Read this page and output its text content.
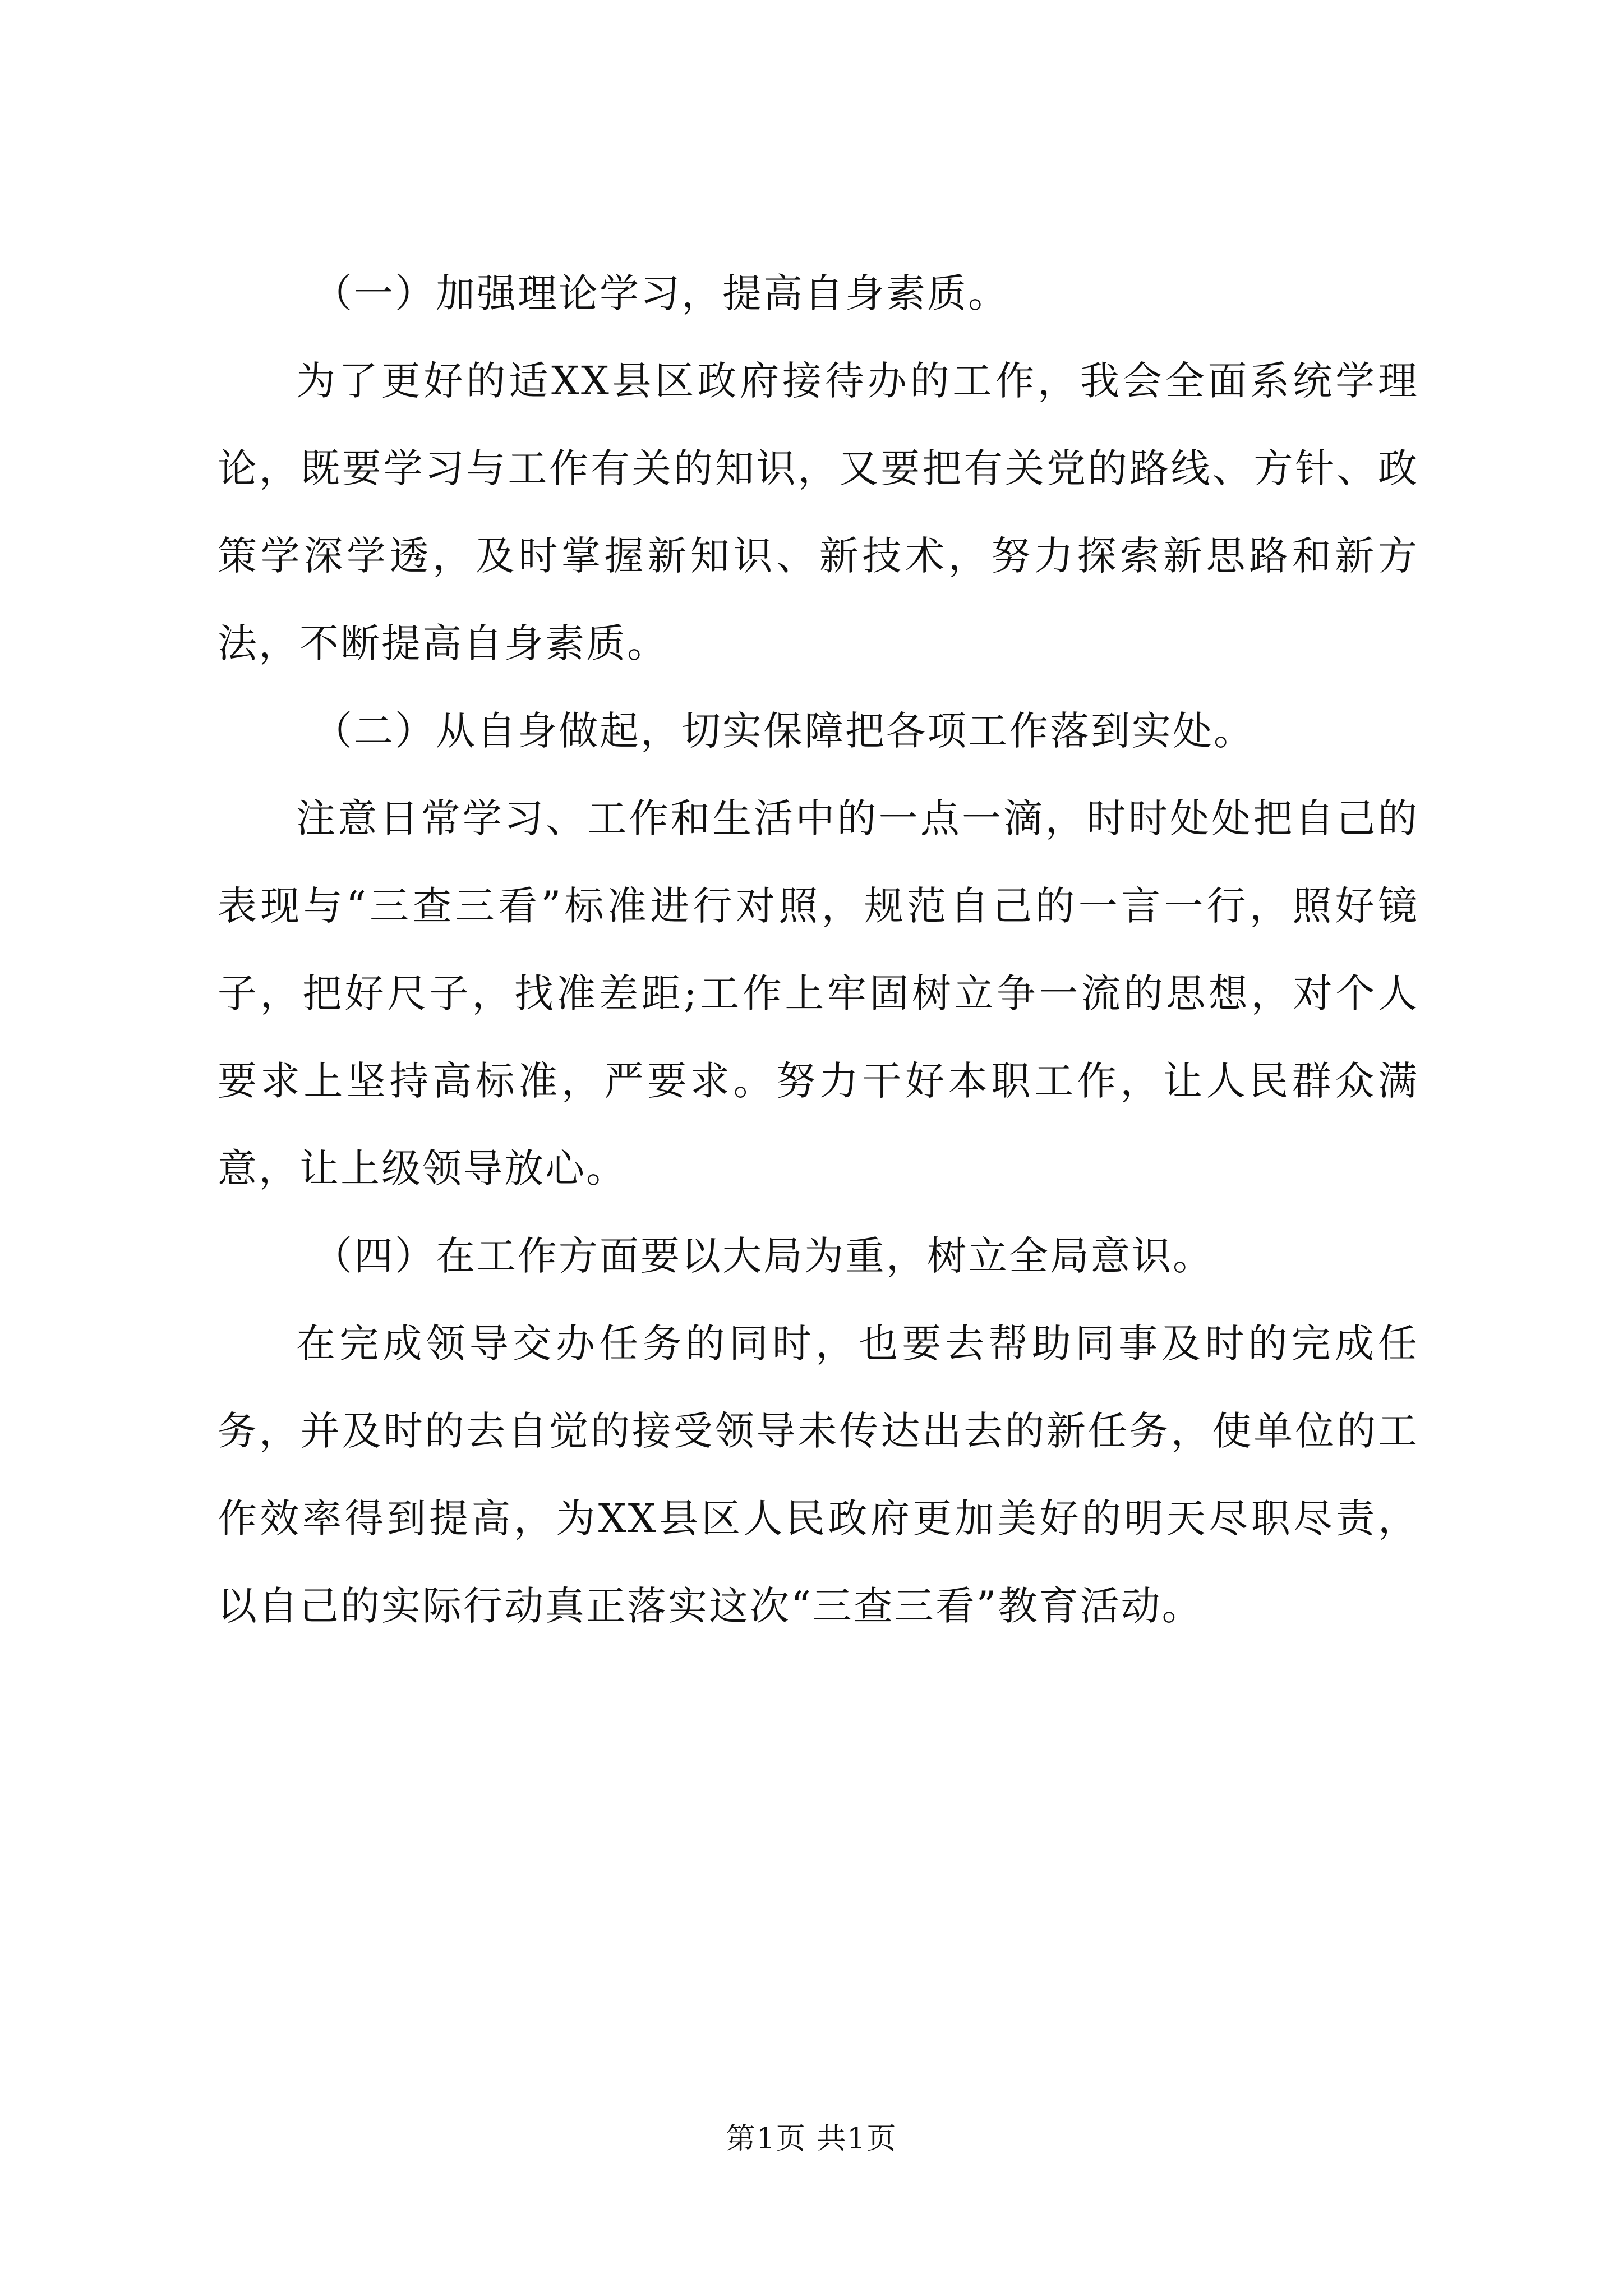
（一）加强理论学习，提高自身素质。

为了更好的适XX县区政府接待办的工作，我会全面系统学理论，既要学习与工作有关的知识，又要把有关党的路线、方针、政策学深学透，及时掌握新知识、新技术，努力探索新思路和新方法，不断提高自身素质。

（二）从自身做起，切实保障把各项工作落到实处。

注意日常学习、工作和生活中的一点一滴，时时处处把自己的表现与“三查三看”标准进行对照，规范自己的一言一行，照好镜子，把好尺子，找准差距;工作上牢固树立争一流的思想，对个人要求上坚持高标准，严要求。努力干好本职工作，让人民群众满意，让上级领导放心。

（四）在工作方面要以大局为重，树立全局意识。

在完成领导交办任务的同时，也要去帮助同事及时的完成任务，并及时的去自觉的接受领导未传达出去的新任务，使单位的工作效率得到提高，为XX县区人民政府更加美好的明天尽职尽责，以自己的实际行动真正落实这次“三查三看”教育活动。

第1页 共1页
